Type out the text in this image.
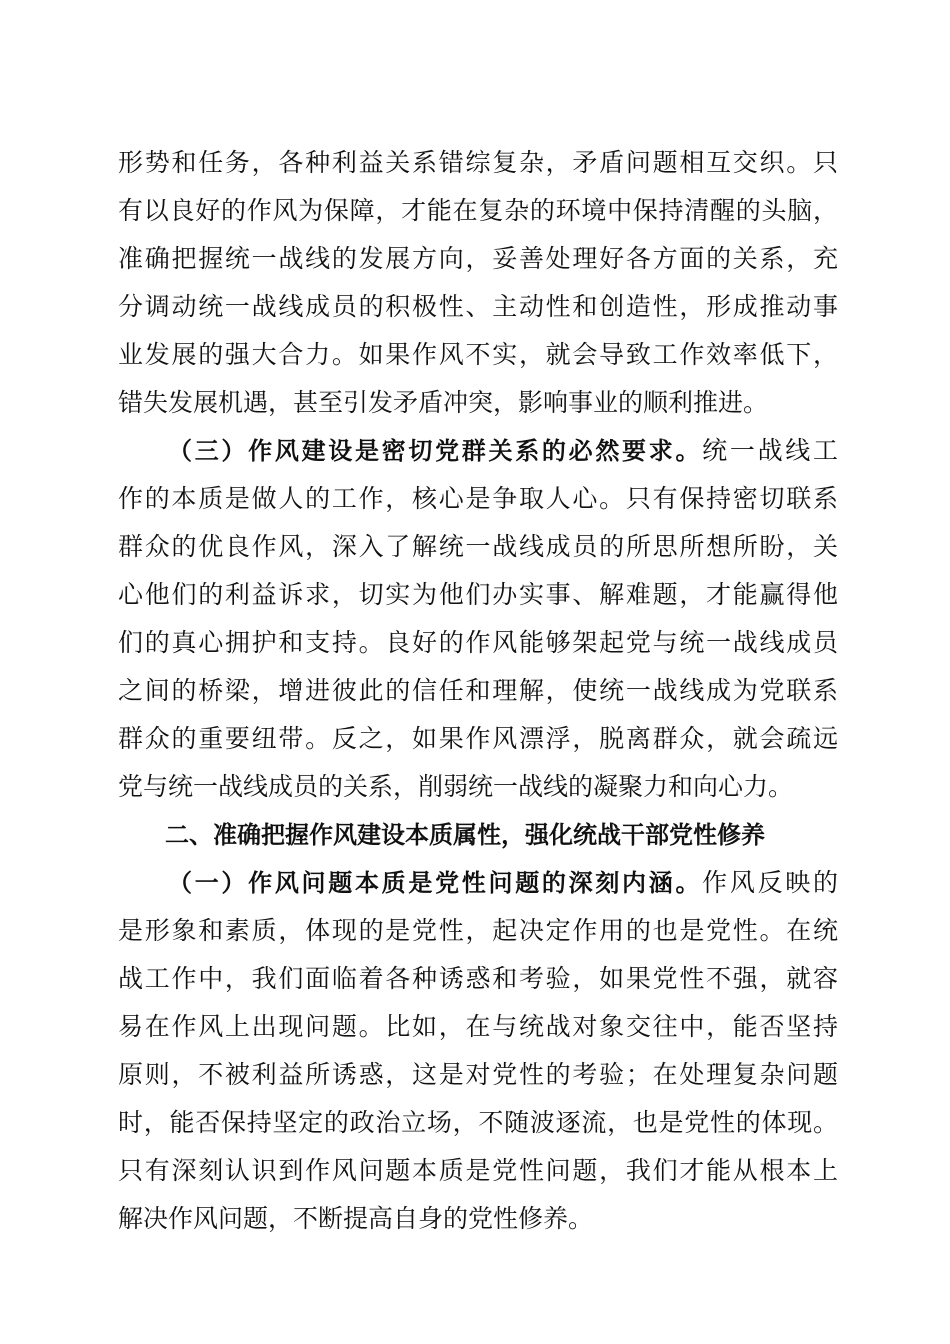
形势和任务，各种利益关系错综复杂，矛盾问题相互交织。只
有以良好的作风为保障，才能在复杂的环境中保持清醒的头脑，
准确把握统一战线的发展方向，妥善处理好各方面的关系，充
分调动统一战线成员的积极性、主动性和创造性，形成推动事
业发展的强大合力。如果作风不实，就会导致工作效率低下，
错失发展机遇，甚至引发矛盾冲突，影响事业的顺利推进。
（三）作风建设是密切党群关系的必然要求。统一战线工
作的本质是做人的工作，核心是争取人心。只有保持密切联系
群众的优良作风，深入了解统一战线成员的所思所想所盼，关
心他们的利益诉求，切实为他们办实事、解难题，才能赢得他
们的真心拥护和支持。良好的作风能够架起党与统一战线成员
之间的桥梁，增进彼此的信任和理解，使统一战线成为党联系
群众的重要纽带。反之，如果作风漂浮，脱离群众，就会疏远
党与统一战线成员的关系，削弱统一战线的凝聚力和向心力。
二、准确把握作风建设本质属性，强化统战干部党性修养
（一）作风问题本质是党性问题的深刻内涵。作风反映的
是形象和素质，体现的是党性，起决定作用的也是党性。在统
战工作中，我们面临着各种诱惑和考验，如果党性不强，就容
易在作风上出现问题。比如，在与统战对象交往中，能否坚持
原则，不被利益所诱惑，这是对党性的考验；在处理复杂问题
时，能否保持坚定的政治立场，不随波逐流，也是党性的体现。
只有深刻认识到作风问题本质是党性问题，我们才能从根本上
解决作风问题，不断提高自身的党性修养。
